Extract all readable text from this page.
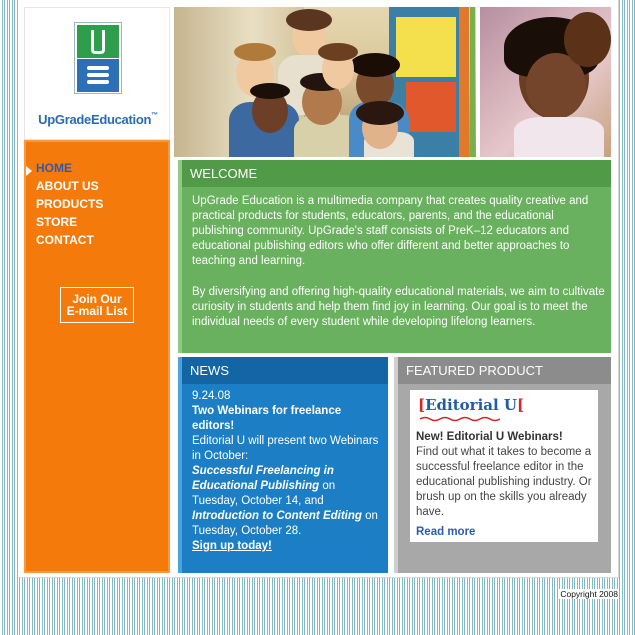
UpGradeEducation™
HOME
ABOUT US
PRODUCTS
STORE
CONTACT
Join Our
E-mail List
WELCOME

UpGrade Education is a multimedia company that creates quality creative and practical products for students, educators, parents, and the educational publishing community. UpGrade's staff consists of PreK–12 educators and educational publishing editors who offer different and better approaches to teaching and learning.

By diversifying and offering high-quality educational materials, we aim to cultivate curiosity in students and help them find joy in learning. Our goal is to meet the individual needs of every student while developing lifelong learners.

NEWS
9.24.08
Two Webinars for freelance editors!
Editorial U will present two Webinars in October:
Successful Freelancing in Educational Publishing on Tuesday, October 14, and
Introduction to Content Editing on Tuesday, October 28.
Sign up today!
FEATURED PRODUCT
[Editorial U[
New! Editorial U Webinars!
Find out what it takes to become a successful freelance editor in the educational publishing industry. Or brush up on the skills you already have.
Read more
Copyright 2008
